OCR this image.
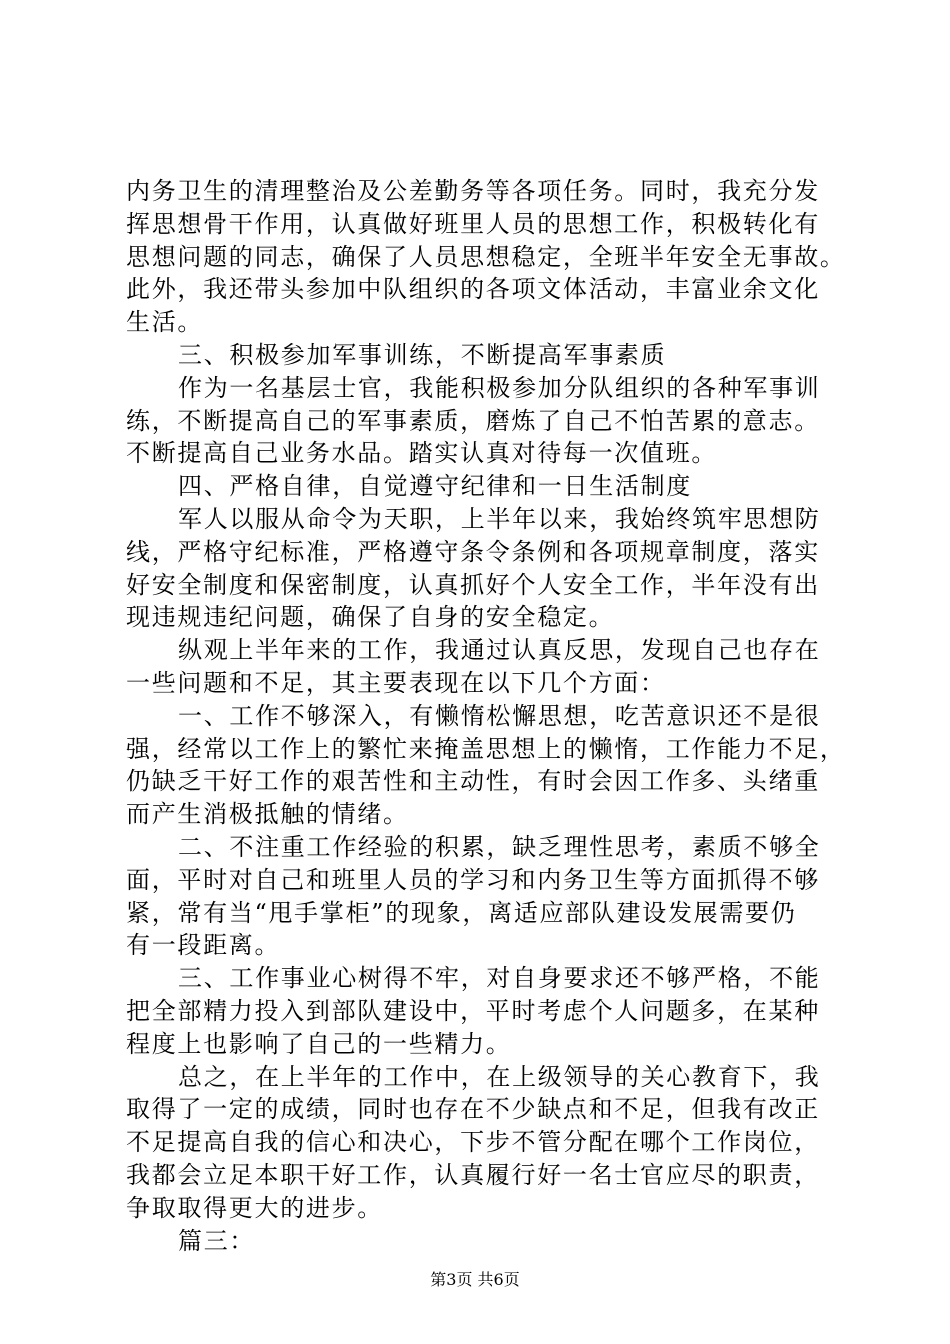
内务卫生的清理整治及公差勤务等各项任务。同时，我充分发
挥思想骨干作用，认真做好班里人员的思想工作，积极转化有
思想问题的同志，确保了人员思想稳定，全班半年安全无事故。
此外，我还带头参加中队组织的各项文体活动，丰富业余文化
生活。
三、积极参加军事训练，不断提高军事素质
作为一名基层士官，我能积极参加分队组织的各种军事训
练，不断提高自己的军事素质，磨炼了自己不怕苦累的意志。
不断提高自己业务水品。踏实认真对待每一次值班。
四、严格自律，自觉遵守纪律和一日生活制度
军人以服从命令为天职，上半年以来，我始终筑牢思想防
线，严格守纪标准，严格遵守条令条例和各项规章制度，落实
好安全制度和保密制度，认真抓好个人安全工作，半年没有出
现违规违纪问题，确保了自身的安全稳定。
纵观上半年来的工作，我通过认真反思，发现自己也存在
一些问题和不足，其主要表现在以下几个方面：
一、工作不够深入，有懒惰松懈思想，吃苦意识还不是很
强，经常以工作上的繁忙来掩盖思想上的懒惰，工作能力不足，
仍缺乏干好工作的艰苦性和主动性，有时会因工作多、头绪重
而产生消极抵触的情绪。
二、不注重工作经验的积累，缺乏理性思考，素质不够全
面，平时对自己和班里人员的学习和内务卫生等方面抓得不够
紧，常有当“甩手掌柜”的现象，离适应部队建设发展需要仍
有一段距离。
三、工作事业心树得不牢，对自身要求还不够严格，不能
把全部精力投入到部队建设中，平时考虑个人问题多，在某种
程度上也影响了自己的一些精力。
总之，在上半年的工作中，在上级领导的关心教育下，我
取得了一定的成绩，同时也存在不少缺点和不足，但我有改正
不足提高自我的信心和决心，下步不管分配在哪个工作岗位，
我都会立足本职干好工作，认真履行好一名士官应尽的职责，
争取取得更大的进步。
篇三：
第3页 共6页
